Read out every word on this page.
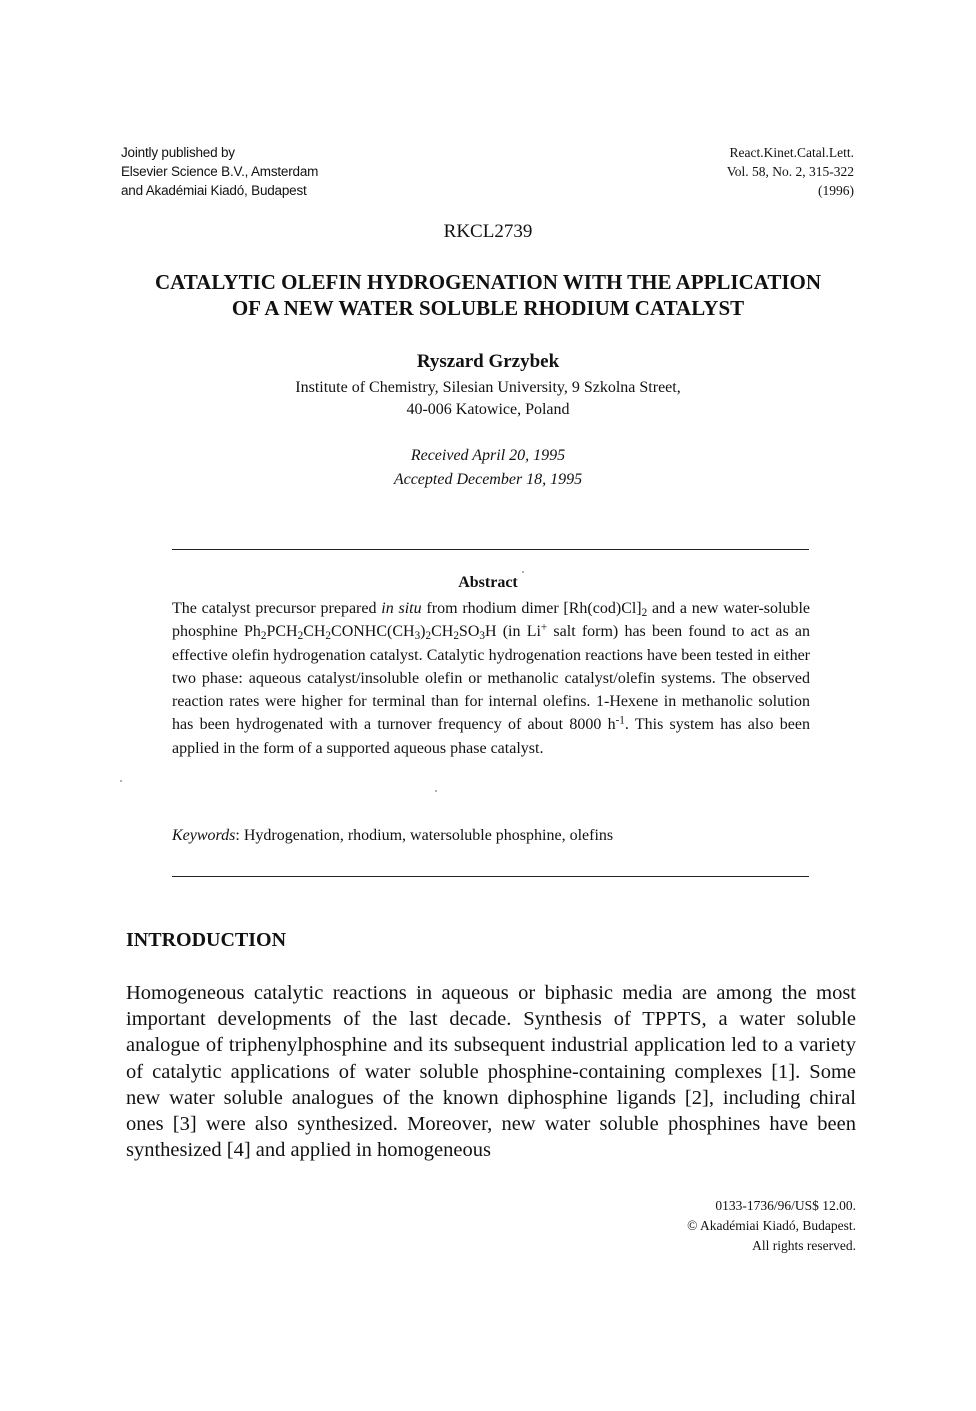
Jointly published by
Elsevier Science B.V., Amsterdam
and Akadémiai Kiadó, Budapest
React.Kinet.Catal.Lett.
Vol. 58, No. 2, 315-322
(1996)
RKCL2739
CATALYTIC OLEFIN HYDROGENATION WITH THE APPLICATION
OF A NEW WATER SOLUBLE RHODIUM CATALYST
Ryszard Grzybek
Institute of Chemistry, Silesian University, 9 Szkolna Street,
40-006 Katowice, Poland
Received April 20, 1995
Accepted December 18, 1995
Abstract
The catalyst precursor prepared in situ from rhodium dimer $[Rh(cod)Cl]_2$ and a new water-soluble phosphine $Ph_2PCH_2CH_2CONHC(CH_3)_2CH_2SO_3H$ (in Li+ salt form) has been found to act as an effective olefin hydrogenation catalyst. Catalytic hydrogenation reactions have been tested in either two phase: aqueous catalyst/insoluble olefin or methanolic catalyst/olefin systems. The observed reaction rates were higher for terminal than for internal olefins. 1-Hexene in methanolic solution has been hydrogenated with a turnover frequency of about 8000 $h^{-1}$. This system has also been applied in the form of a supported aqueous phase catalyst.
Keywords: Hydrogenation, rhodium, watersoluble phosphine, olefins
INTRODUCTION
Homogeneous catalytic reactions in aqueous or biphasic media are among the most important developments of the last decade. Synthesis of TPPTS, a water soluble analogue of triphenylphosphine and its subsequent industrial application led to a variety of catalytic applications of water soluble phosphine-containing complexes [1]. Some new water soluble analogues of the known diphosphine ligands [2], including chiral ones [3] were also synthesized. Moreover, new water soluble phosphines have been synthesized [4] and applied in homogeneous
0133-1736/96/US$ 12.00.
© Akadémiai Kiadó, Budapest.
All rights reserved.
